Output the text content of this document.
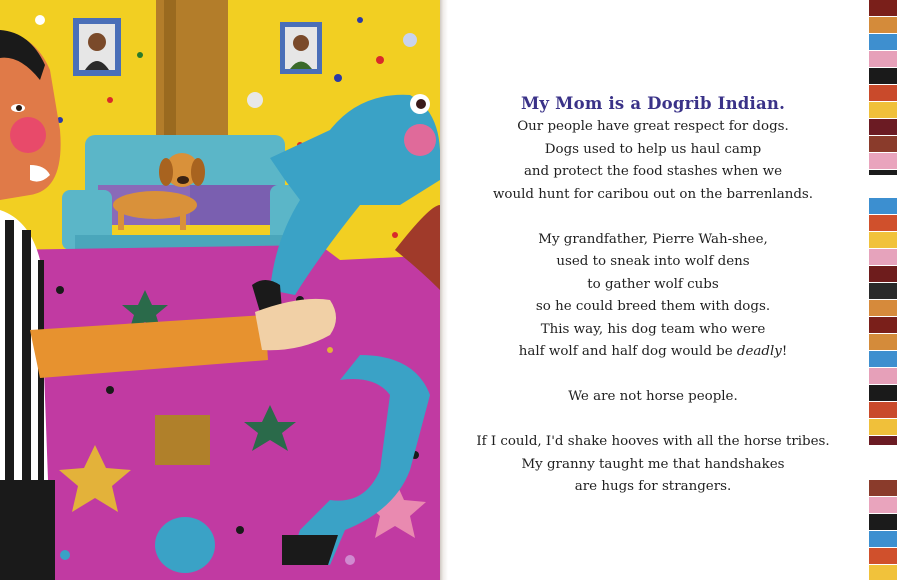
My Mom is a Dogrib Indian.
Our people have great respect for dogs.
Dogs used to help us haul camp
and protect the food stashes when we
would hunt for caribou out on the barrenlands.
My grandfather, Pierre Wah-shee,
used to sneak into wolf dens
to gather wolf cubs
so he could breed them with dogs.
This way, his dog team who were
half wolf and half dog would be deadly!
We are not horse people.
If I could, I'd shake hooves with all the horse tribes.
My granny taught me that handshakes
are hugs for strangers.
